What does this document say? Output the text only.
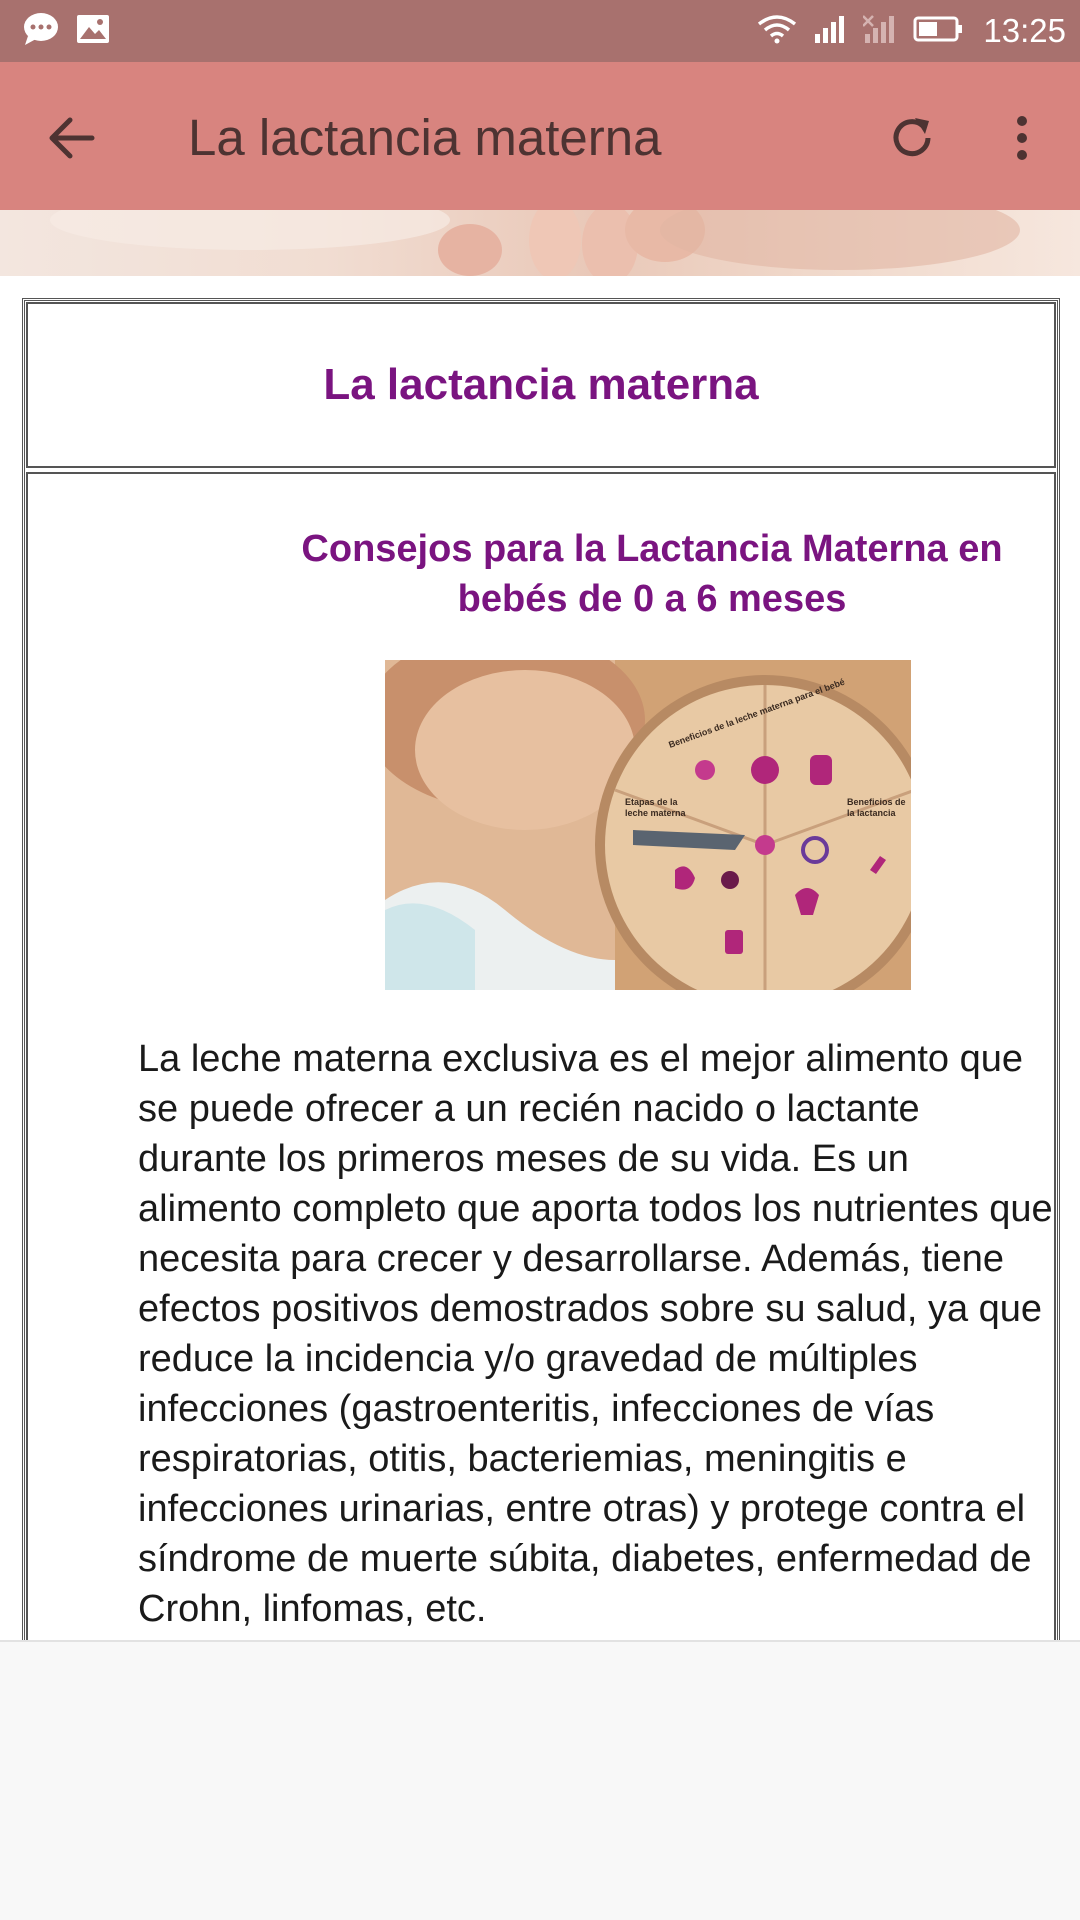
13:25
La lactancia materna
La lactancia materna
Consejos para la Lactancia Materna en bebés de 0 a 6 meses
Beneficios de la leche materna para el bebé
Etapas de la
leche materna
Beneficios de
la lactancia

La leche materna exclusiva es el mejor alimento que se puede ofrecer a un recién nacido o lactante durante los primeros meses de su vida. Es un alimento completo que aporta todos los nutrientes que necesita para crecer y desarrollarse. Además, tiene efectos positivos demostrados sobre su salud, ya que reduce la incidencia y/o gravedad de múltiples infecciones (gastroenteritis, infecciones de vías respiratorias, otitis, bacteriemias, meningitis e infecciones urinarias, entre otras) y protege contra el síndrome de muerte súbita, diabetes, enfermedad de Crohn, linfomas, etc.
